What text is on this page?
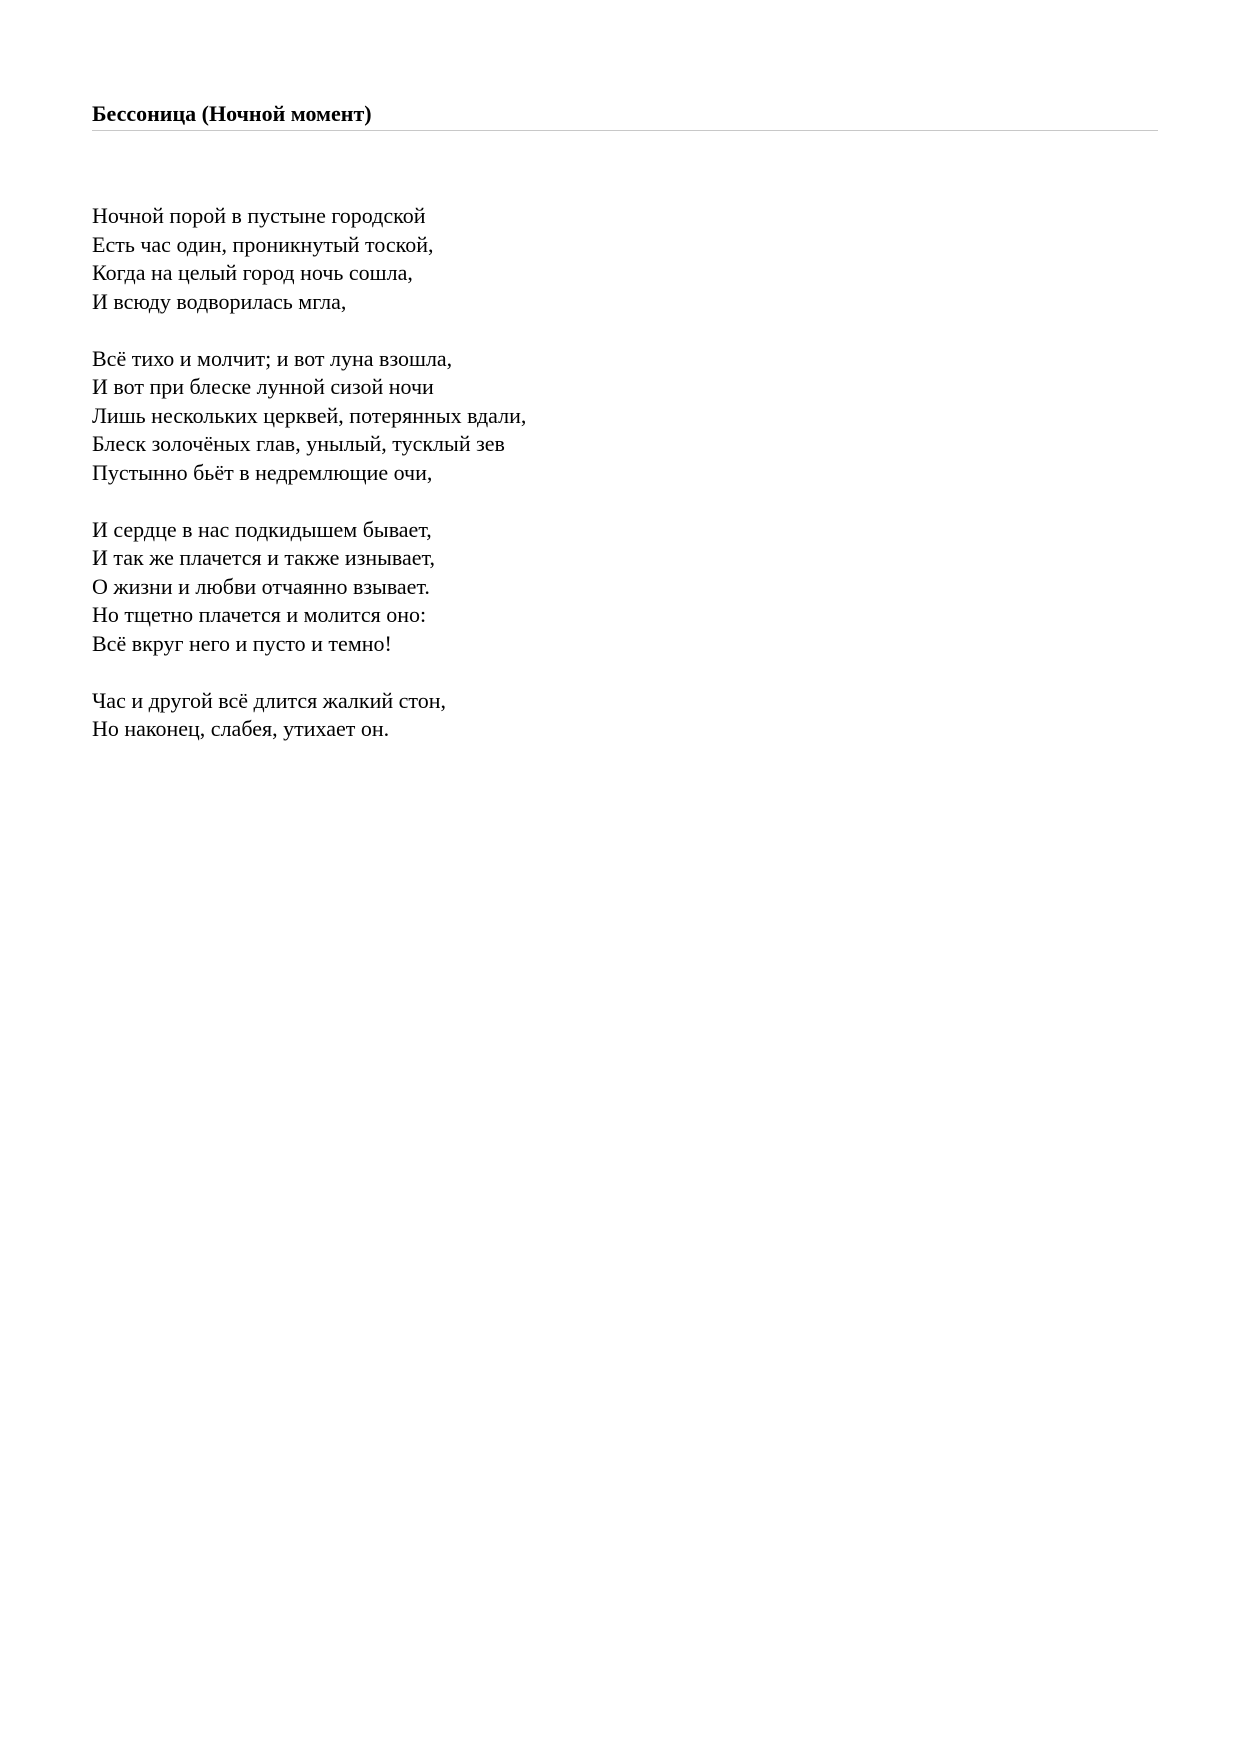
Бессоница (Ночной момент)
Ночной порой в пустыне городской
Есть час один, проникнутый тоской,
Когда на целый город ночь сошла,
И всюду водворилась мгла,
Всё тихо и молчит; и вот луна взошла,
И вот при блеске лунной сизой ночи
Лишь нескольких церквей, потерянных вдали,
Блеск золочёных глав, унылый, тусклый зев
Пустынно бьёт в недремлющие очи,
И сердце в нас подкидышем бывает,
И так же плачется и также изнывает,
О жизни и любви отчаянно взывает.
Но тщетно плачется и молится оно:
Всё вкруг него и пусто и темно!
Час и другой всё длится жалкий стон,
Но наконец, слабея, утихает он.
